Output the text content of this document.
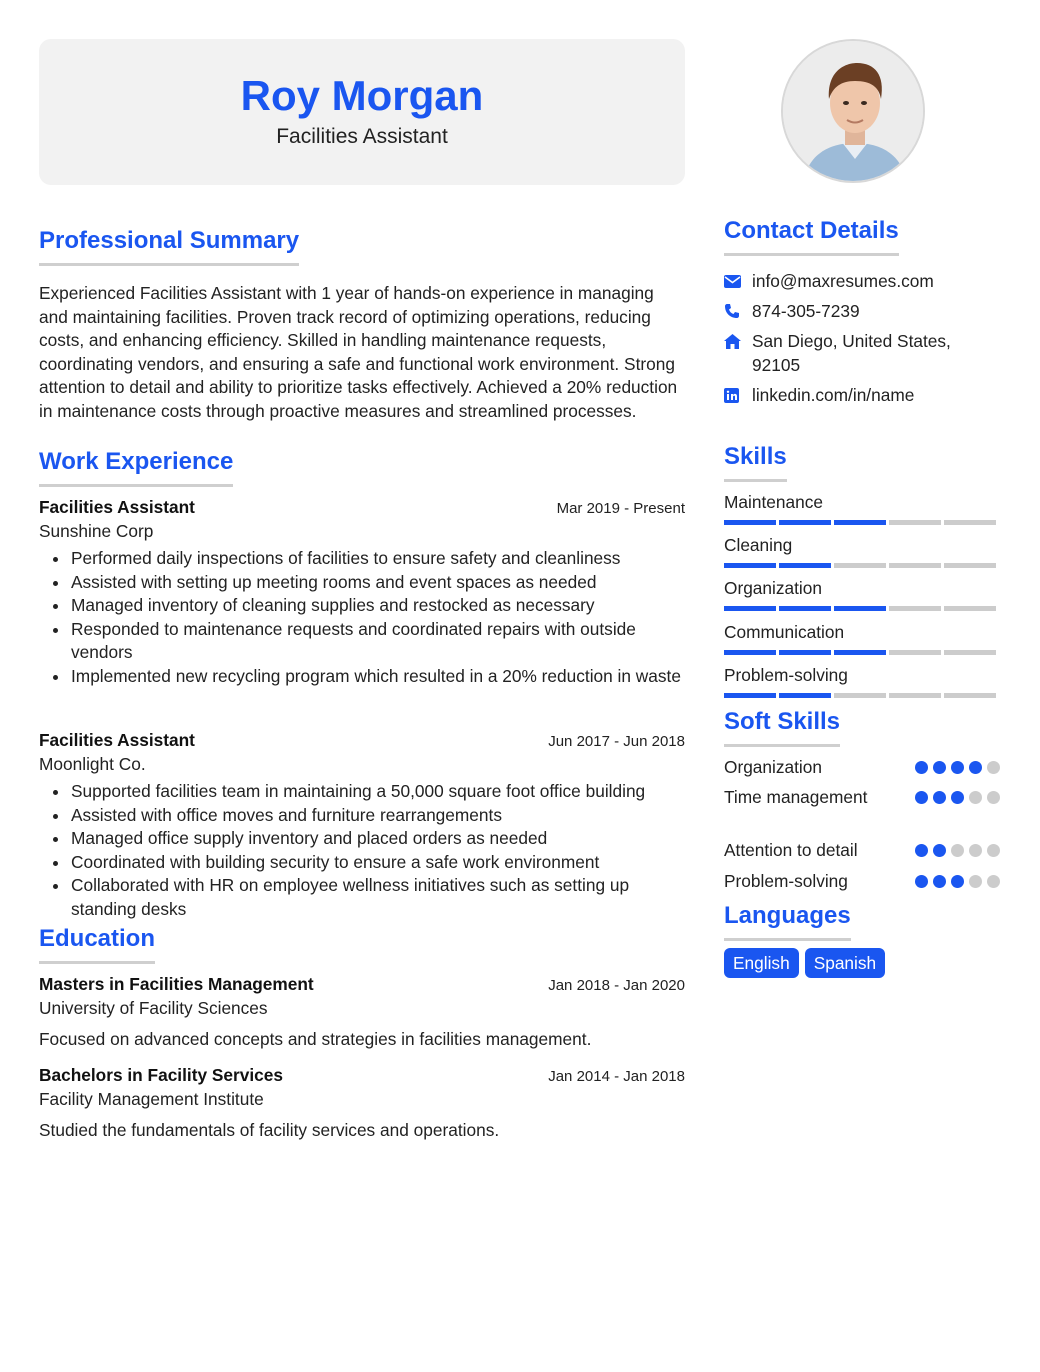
Roy Morgan
Facilities Assistant
Professional Summary
Experienced Facilities Assistant with 1 year of hands-on experience in managing and maintaining facilities. Proven track record of optimizing operations, reducing costs, and enhancing efficiency. Skilled in handling maintenance requests, coordinating vendors, and ensuring a safe and functional work environment. Strong attention to detail and ability to prioritize tasks effectively. Achieved a 20% reduction in maintenance costs through proactive measures and streamlined processes.
Work Experience
Facilities Assistant	Mar 2019 - Present
Sunshine Corp
Performed daily inspections of facilities to ensure safety and cleanliness
Assisted with setting up meeting rooms and event spaces as needed
Managed inventory of cleaning supplies and restocked as necessary
Responded to maintenance requests and coordinated repairs with outside vendors
Implemented new recycling program which resulted in a 20% reduction in waste
Facilities Assistant	Jun 2017 - Jun 2018
Moonlight Co.
Supported facilities team in maintaining a 50,000 square foot office building
Assisted with office moves and furniture rearrangements
Managed office supply inventory and placed orders as needed
Coordinated with building security to ensure a safe work environment
Collaborated with HR on employee wellness initiatives such as setting up standing desks
Education
Masters in Facilities Management	Jan 2018 - Jan 2020
University of Facility Sciences
Focused on advanced concepts and strategies in facilities management.
Bachelors in Facility Services	Jan 2014 - Jan 2018
Facility Management Institute
Studied the fundamentals of facility services and operations.
Contact Details
info@maxresumes.com
874-305-7239
San Diego, United States, 92105
linkedin.com/in/name
Skills
Maintenance
Cleaning
Organization
Communication
Problem-solving
Soft Skills
Organization
Time management
Attention to detail
Problem-solving
Languages
English	Spanish
